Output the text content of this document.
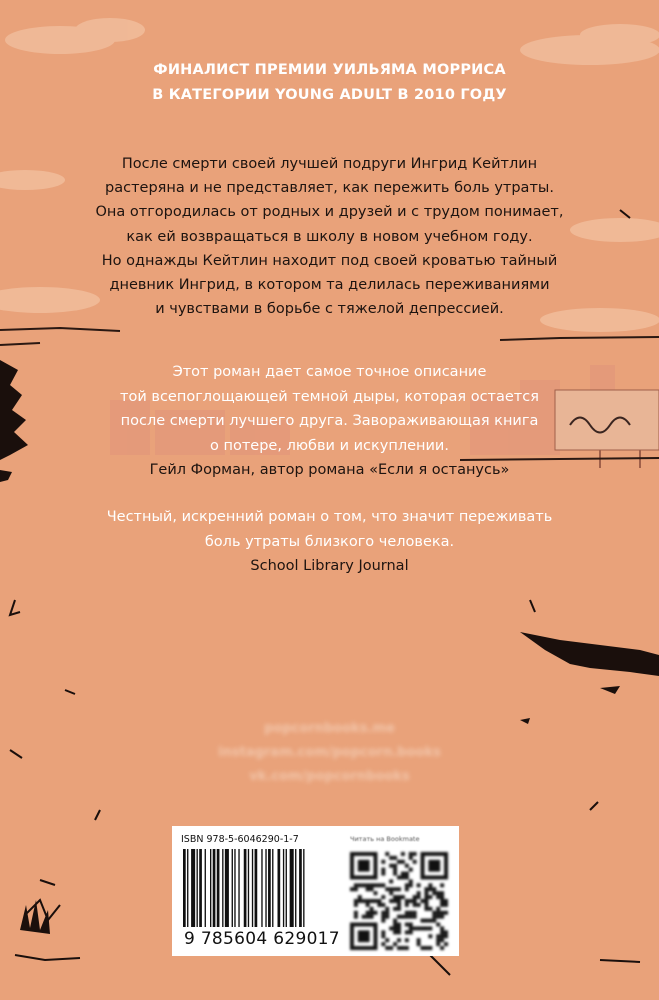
ФИНАЛИСТ ПРЕМИИ УИЛЬЯМА МОРРИСА
В КАТЕГОРИИ YOUNG ADULT В 2010 ГОДУ
После смерти своей лучшей подруги Ингрид Кейтлин
растеряна и не представляет, как пережить боль утраты.
Она отгородилась от родных и друзей и с трудом понимает,
как ей возвращаться в школу в новом учебном году.
Но однажды Кейтлин находит под своей кроватью тайный
дневник Ингрид, в котором та делилась переживаниями
и чувствами в борьбе с тяжелой депрессией.
Этот роман дает самое точное описание
той всепоглощающей темной дыры, которая остается
после смерти лучшего друга. Завораживающая книга
о потере, любви и искуплении.
Гейл Форман, автор романа «Если я останусь»
Честный, искренний роман о том, что значит переживать
боль утраты близкого человека.
School Library Journal
popcornbooks.me
instagram.com/popcorn.books
vk.com/popcornbooks
ISBN 978-5-6046290-1-7	Читать на Bookmate
9 785604 629017
